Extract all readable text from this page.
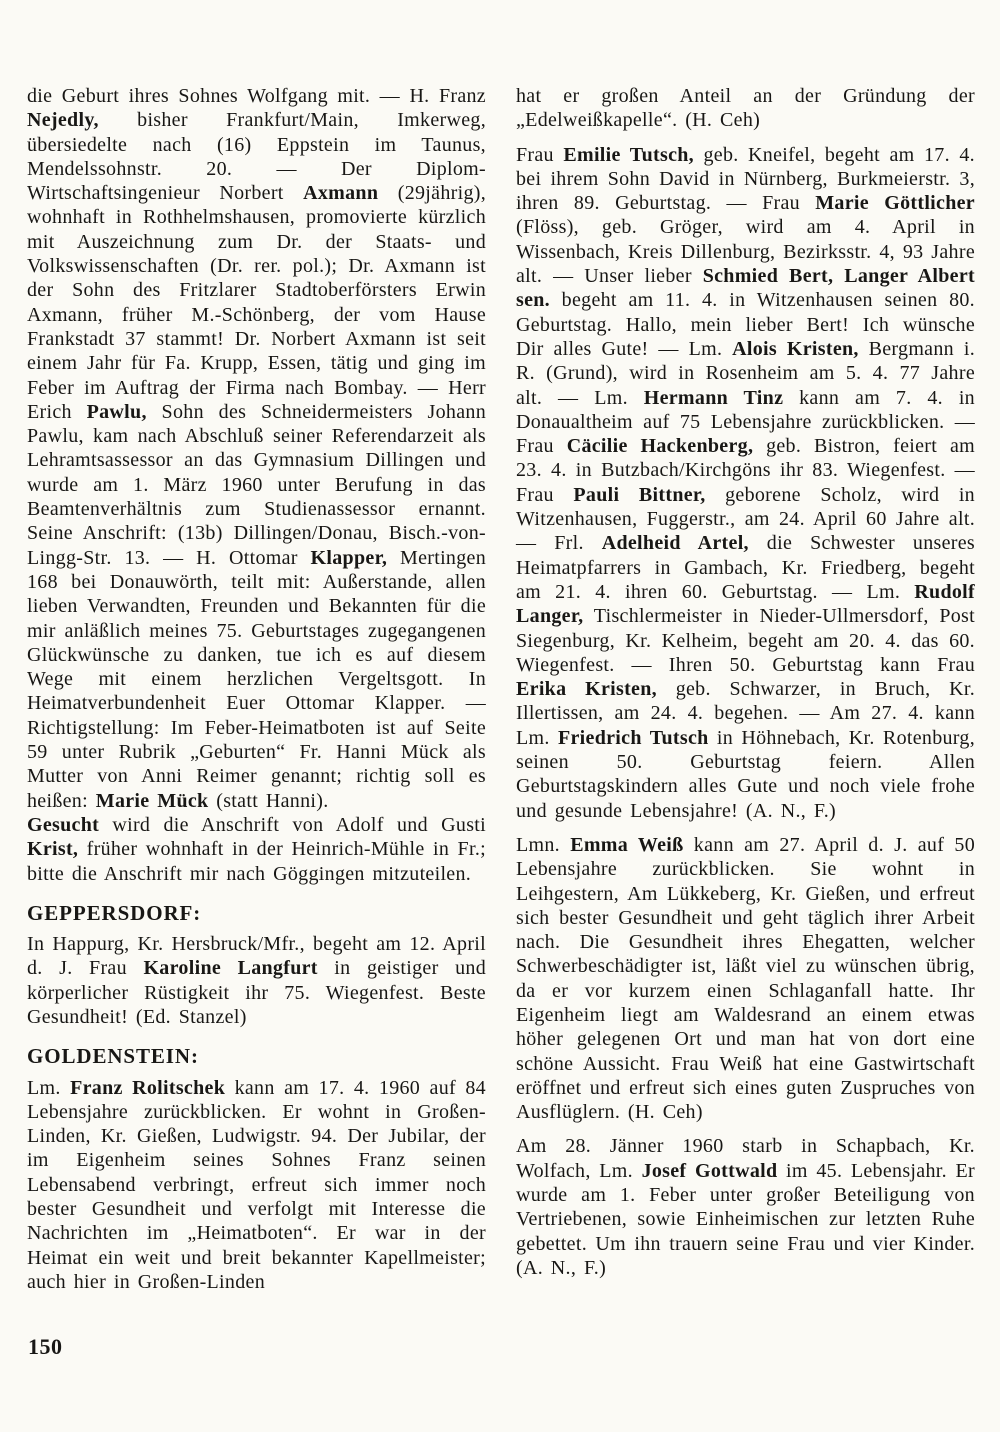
die Geburt ihres Sohnes Wolfgang mit. — H. Franz Nejedly, bisher Frankfurt/Main, Imkerweg, übersiedelte nach (16) Eppstein im Taunus, Mendelssohnstr. 20. — Der Diplom-Wirtschaftsingenieur Norbert Axmann (29jährig), wohnhaft in Rothhelmshausen, promovierte kürzlich mit Auszeichnung zum Dr. der Staats- und Volkswissenschaften (Dr. rer. pol.); Dr. Axmann ist der Sohn des Fritzlarer Stadtoberförsters Erwin Axmann, früher M.-Schönberg, der vom Hause Frankstadt 37 stammt! Dr. Norbert Axmann ist seit einem Jahr für Fa. Krupp, Essen, tätig und ging im Feber im Auftrag der Firma nach Bombay. — Herr Erich Pawlu, Sohn des Schneidermeisters Johann Pawlu, kam nach Abschluß seiner Referendarzeit als Lehramtsassessor an das Gymnasium Dillingen und wurde am 1. März 1960 unter Berufung in das Beamtenverhältnis zum Studienassessor ernannt. Seine Anschrift: (13b) Dillingen/Donau, Bisch.-von-Lingg-Str. 13. — H. Ottomar Klapper, Mertingen 168 bei Donauwörth, teilt mit: Außerstande, allen lieben Verwandten, Freunden und Bekannten für die mir anläßlich meines 75. Geburtstages zugegangenen Glückwünsche zu danken, tue ich es auf diesem Wege mit einem herzlichen Vergeltsgott. In Heimatverbundenheit Euer Ottomar Klapper. — Richtigstellung: Im Feber-Heimatboten ist auf Seite 59 unter Rubrik „Geburten“ Fr. Hanni Mück als Mutter von Anni Reimer genannt; richtig soll es heißen: Marie Mück (statt Hanni).

Gesucht wird die Anschrift von Adolf und Gusti Krist, früher wohnhaft in der Heinrich-Mühle in Fr.; bitte die Anschrift mir nach Göggingen mitzuteilen.

GEPPERSDORF:

In Happurg, Kr. Hersbruck/Mfr., begeht am 12. April d. J. Frau Karoline Langfurt in geistiger und körperlicher Rüstigkeit ihr 75. Wiegenfest. Beste Gesundheit! (Ed. Stanzel)

GOLDENSTEIN:

Lm. Franz Rolitschek kann am 17. 4. 1960 auf 84 Lebensjahre zurückblicken. Er wohnt in Großen-Linden, Kr. Gießen, Ludwigstr. 94. Der Jubilar, der im Eigenheim seines Sohnes Franz seinen Lebensabend verbringt, erfreut sich immer noch bester Gesundheit und verfolgt mit Interesse die Nachrichten im „Heimatboten“. Er war in der Heimat ein weit und breit bekannter Kapellmeister; auch hier in Großen-Linden

hat er großen Anteil an der Gründung der „Edelweißkapelle“. (H. Ceh)

Frau Emilie Tutsch, geb. Kneifel, begeht am 17. 4. bei ihrem Sohn David in Nürnberg, Burkmeierstr. 3, ihren 89. Geburtstag. — Frau Marie Göttlicher (Flöss), geb. Gröger, wird am 4. April in Wissenbach, Kreis Dillenburg, Bezirksstr. 4, 93 Jahre alt. — Unser lieber Schmied Bert, Langer Albert sen. begeht am 11. 4. in Witzenhausen seinen 80. Geburtstag. Hallo, mein lieber Bert! Ich wünsche Dir alles Gute! — Lm. Alois Kristen, Bergmann i. R. (Grund), wird in Rosenheim am 5. 4. 77 Jahre alt. — Lm. Hermann Tinz kann am 7. 4. in Donaualtheim auf 75 Lebensjahre zurückblicken. — Frau Cäcilie Hackenberg, geb. Bistron, feiert am 23. 4. in Butzbach/Kirchgöns ihr 83. Wiegenfest. — Frau Pauli Bittner, geborene Scholz, wird in Witzenhausen, Fuggerstr., am 24. April 60 Jahre alt. — Frl. Adelheid Artel, die Schwester unseres Heimatpfarrers in Gambach, Kr. Friedberg, begeht am 21. 4. ihren 60. Geburtstag. — Lm. Rudolf Langer, Tischlermeister in Nieder-Ullmersdorf, Post Siegenburg, Kr. Kelheim, begeht am 20. 4. das 60. Wiegenfest. — Ihren 50. Geburtstag kann Frau Erika Kristen, geb. Schwarzer, in Bruch, Kr. Illertissen, am 24. 4. begehen. — Am 27. 4. kann Lm. Friedrich Tutsch in Höhnebach, Kr. Rotenburg, seinen 50. Geburtstag feiern. Allen Geburtstagskindern alles Gute und noch viele frohe und gesunde Lebensjahre! (A. N., F.)

Lmn. Emma Weiß kann am 27. April d. J. auf 50 Lebensjahre zurückblicken. Sie wohnt in Leihgestern, Am Lükkeberg, Kr. Gießen, und erfreut sich bester Gesundheit und geht täglich ihrer Arbeit nach. Die Gesundheit ihres Ehegatten, welcher Schwerbeschädigter ist, läßt viel zu wünschen übrig, da er vor kurzem einen Schlaganfall hatte. Ihr Eigenheim liegt am Waldesrand an einem etwas höher gelegenen Ort und man hat von dort eine schöne Aussicht. Frau Weiß hat eine Gastwirtschaft eröffnet und erfreut sich eines guten Zuspruches von Ausflüglern. (H. Ceh)

Am 28. Jänner 1960 starb in Schapbach, Kr. Wolfach, Lm. Josef Gottwald im 45. Lebensjahr. Er wurde am 1. Feber unter großer Beteiligung von Vertriebenen, sowie Einheimischen zur letzten Ruhe gebettet. Um ihn trauern seine Frau und vier Kinder. (A. N., F.)

150
